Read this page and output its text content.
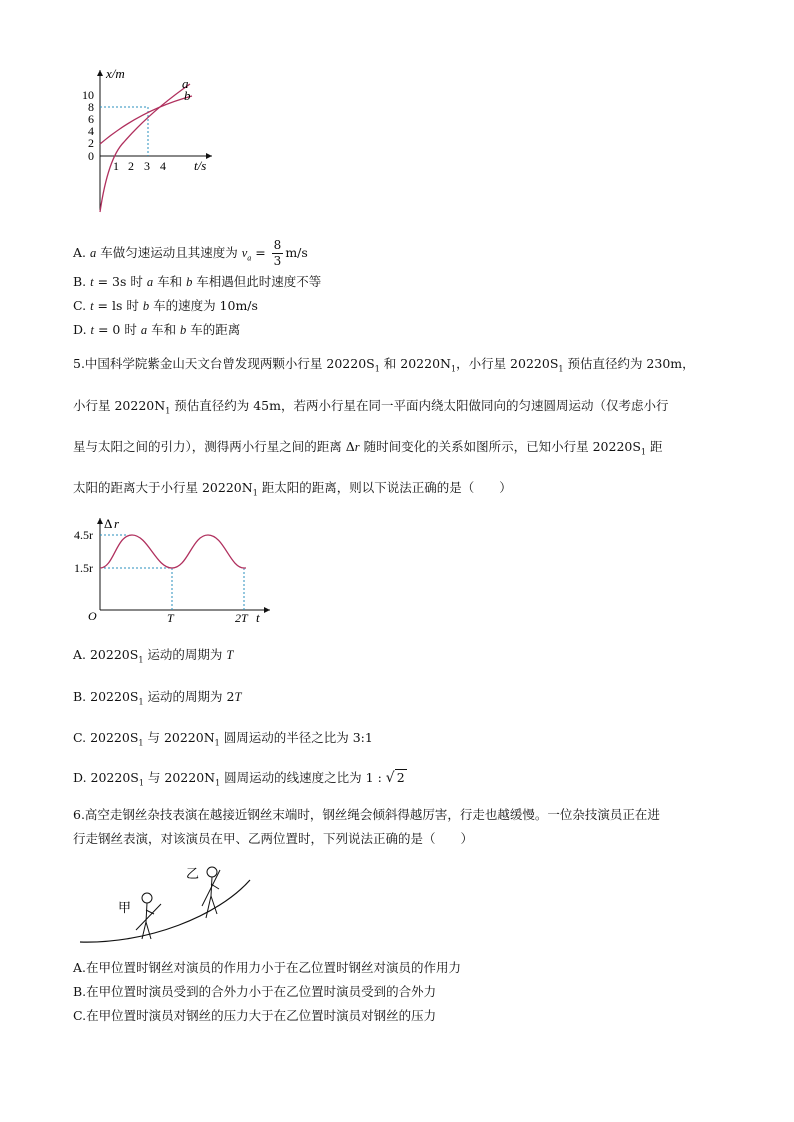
10
8
6
4
2
0
1 2 3 4
x/m
t/s
a
b
A. a 车做匀速运动且其速度为 $v_a = \frac{8}{3} m/s$
B. t = 3s 时 a 车和 b 车相遇但此时速度不等
C. t = ls 时 b 车的速度为 10m/s
D. t = 0 时 a 车和 b 车的距离
5.中国科学院紫金山天文台曾发现两颗小行星 $20220S_1$ 和 $20220N_1$，小行星 $20220S_1$ 预估直径约为 230m，
小行星 $20220N_1$ 预估直径约为 45m，若两小行星在同一平面内绕太阳做同向的匀速圆周运动（仅考虑小行
星与太阳之间的引力），测得两小行星之间的距离 Δr 随时间变化的关系如图所示，已知小行星 $20220S_1$ 距
太阳的距离大于小行星 $20220N_1$ 距太阳的距离，则以下说法正确的是（　　）
Δ r
4.5r
1.5r
O	T	2T t
A. $20220S_1$ 运动的周期为 T
B. $20220S_1$ 运动的周期为 2T
C. $20220S_1$ 与 $20220N_1$ 圆周运动的半径之比为 3:1
D. $20220S_1$ 与 $20220N_1$ 圆周运动的线速度之比为 1 : √ 2
6.高空走钢丝杂技表演在越接近钢丝末端时，钢丝绳会倾斜得越厉害，行走也越缓慢。一位杂技演员正在进
行走钢丝表演，对该演员在甲、乙两位置时，下列说法正确的是（　　）
甲
乙
A.在甲位置时钢丝对演员的作用力小于在乙位置时钢丝对演员的作用力
B.在甲位置时演员受到的合外力小于在乙位置时演员受到的合外力
C.在甲位置时演员对钢丝的压力大于在乙位置时演员对钢丝的压力
